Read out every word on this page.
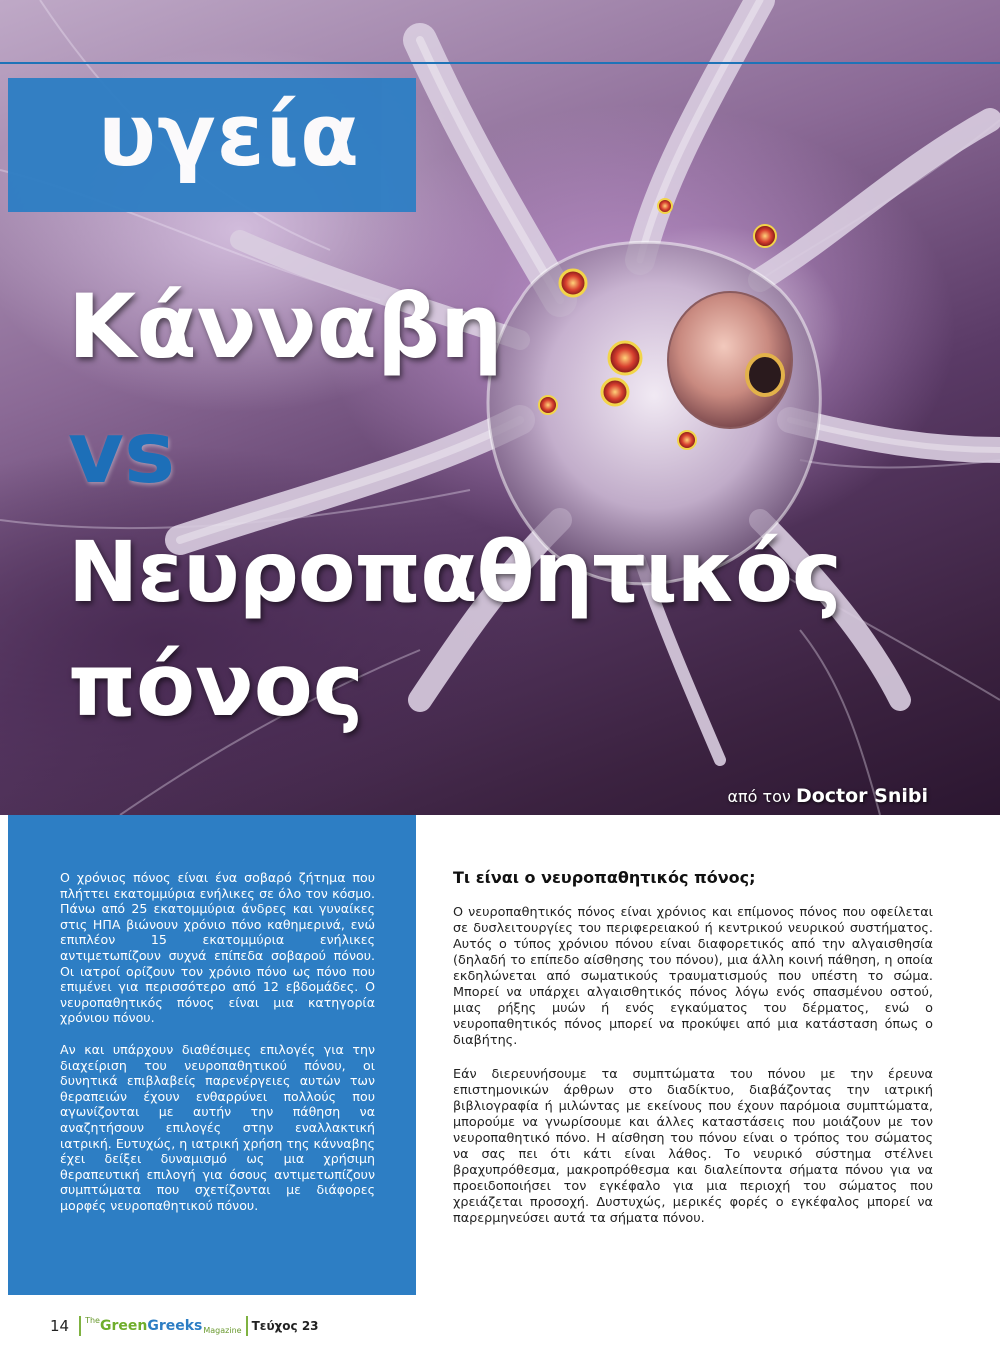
υγεία
Κάνναβη
vs
Νευροπαθητικός
πόνος
από τον Doctor Snibi

Ο χρόνιος πόνος είναι ένα σοβαρό ζήτημα που πλήττει εκατομμύρια ενήλικες σε όλο τον κόσμο. Πάνω από 25 εκατομμύρια άνδρες και γυναίκες στις ΗΠΑ βιώνουν χρόνιο πόνο καθημερινά, ενώ επιπλέον 15 εκατομμύρια ενήλικες αντιμετωπίζουν συχνά επίπεδα σοβαρού πόνου. Οι ιατροί ορίζουν τον χρόνιο πόνο ως πόνο που επιμένει για περισσότερο από 12 εβδομάδες. Ο νευροπαθητικός πόνος είναι μια κατηγορία χρόνιου πόνου.

Αν και υπάρχουν διαθέσιμες επιλογές για την διαχείριση του νευροπαθητικού πόνου, οι δυνητικά επιβλαβείς παρενέργειες αυτών των θεραπειών έχουν ενθαρρύνει πολλούς που αγωνίζονται με αυτήν την πάθηση να αναζητήσουν επιλογές στην εναλλακτική ιατρική. Ευτυχώς, η ιατρική χρήση της κάνναβης έχει δείξει δυναμισμό ως μια χρήσιμη θεραπευτική επιλογή για όσους αντιμετωπίζουν συμπτώματα που σχετίζονται με διάφορες μορφές νευροπαθητικού πόνου.

Τι είναι ο νευροπαθητικός πόνος;

Ο νευροπαθητικός πόνος είναι χρόνιος και επίμονος πόνος που οφείλεται σε δυσλειτουργίες του περιφερειακού ή κεντρικού νευρικού συστήματος. Αυτός ο τύπος χρόνιου πόνου είναι διαφορετικός από την αλγαισθησία (δηλαδή το επίπεδο αίσθησης του πόνου), μια άλλη κοινή πάθηση, η οποία εκδηλώνεται από σωματικούς τραυματισμούς που υπέστη το σώμα. Μπορεί να υπάρχει αλγαισθητικός πόνος λόγω ενός σπασμένου οστού, μιας ρήξης μυών ή ενός εγκαύματος του δέρματος, ενώ ο νευροπαθητικός πόνος μπορεί να προκύψει από μια κατάσταση όπως ο διαβήτης.

Εάν διερευνήσουμε τα συμπτώματα του πόνου με την έρευνα επιστημονικών άρθρων στο διαδίκτυο, διαβάζοντας την ιατρική βιβλιογραφία ή μιλώντας με εκείνους που έχουν παρόμοια συμπτώματα, μπορούμε να γνωρίσουμε και άλλες καταστάσεις που μοιάζουν με τον νευροπαθητικό πόνο. Η αίσθηση του πόνου είναι ο τρόπος του σώματος να σας πει ότι κάτι είναι λάθος. Το νευρικό σύστημα στέλνει βραχυπρόθεσμα, μακροπρόθεσμα και διαλείποντα σήματα πόνου για να προειδοποιήσει τον εγκέφαλο για μια περιοχή του σώματος που χρειάζεται προσοχή. Δυστυχώς, μερικές φορές ο εγκέφαλος μπορεί να παρερμηνεύσει αυτά τα σήματα πόνου.

14 The Green Greeks Magazine Τεύχος 23
